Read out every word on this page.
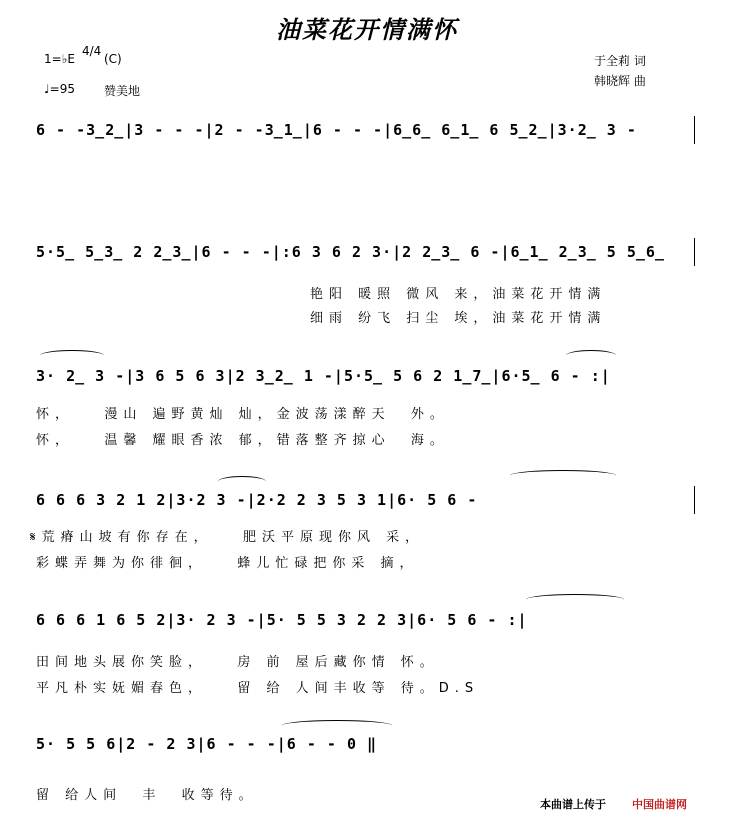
油菜花开情满怀
1=♭E
4/4
(C)
♩=95 赞美地
于全莉 词
韩晓辉 曲
6 - -3̲2̲|3 - - -|2 - -3̲1̲|6 - - -|6̲6̲ 6̲1̲ 6 5̲2̲|3·2̲ 3 -
5·5̲ 5̲3̲ 2 2̲3̲|6 - - -|:6 3 6 2 3·|2 2̲3̲ 6 -|6̲1̲ 2̲3̲ 5 5̲6̲
艳阳 暖照 微风 来，油菜花开情满
细雨 纷飞 扫尘 埃，油菜花开情满
3· 2̲ 3 -|3 6 5 6 3|2 3̲2̲ 1 -|5·5̲ 5 6 2 1̲7̲|6·5̲ 6 - :|
怀，   漫山 遍野黄灿 灿，金波荡漾醉天  外。
怀，   温馨 耀眼香浓 郁，错落整齐掠心  海。
6 6 6 3 2 1 2|3·2 3 -|2·2 2 3 5 3 1|6· 5 6 -
𝄋荒瘠山坡有你存在，   肥沃平原现你风 采，
彩蝶弄舞为你徘徊，   蜂儿忙碌把你采 摘，
6 6 6 1 6 5 2|3· 2 3 -|5· 5 5 3 2 2 3|6· 5 6 - :|
田间地头展你笑脸，   房 前 屋后藏你情 怀。
平凡朴实妩媚春色，   留 给 人间丰收等 待。D.S
5· 5 5 6|2 - 2 3|6 - - -|6 - - 0 ‖
留 给人间  丰  收等待。
本曲谱上传于 中国曲谱网
